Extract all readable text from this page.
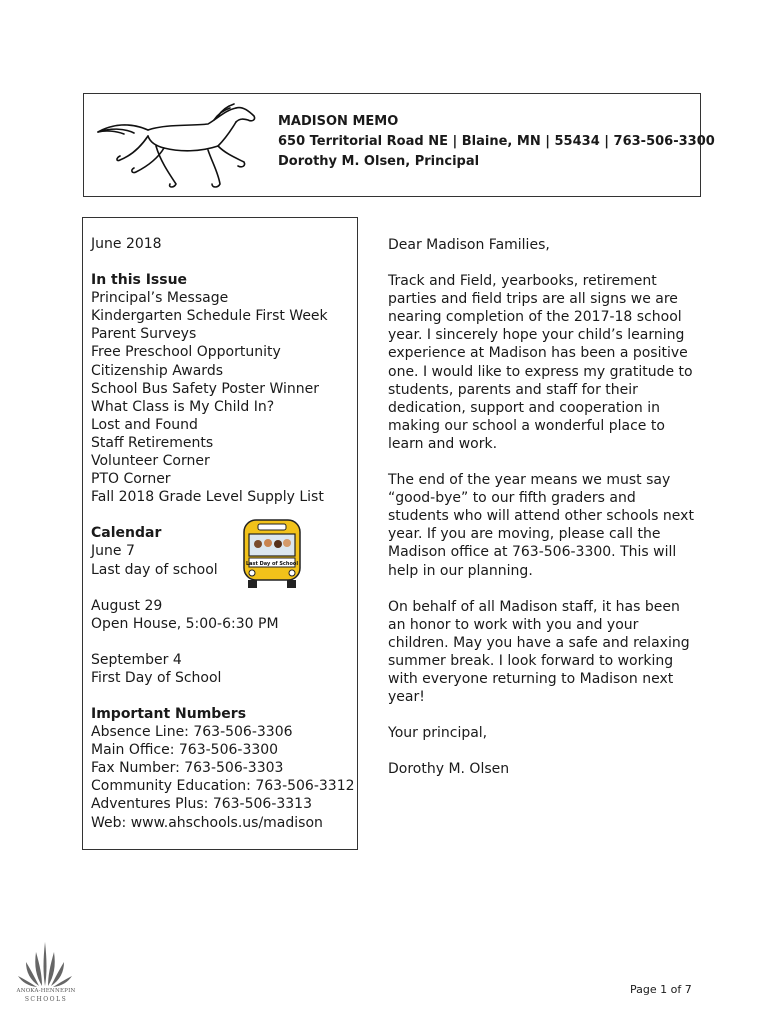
MADISON MEMO
650 Territorial Road NE | Blaine, MN | 55434 | 763-506-3300
Dorothy M. Olsen, Principal
June 2018
In this Issue
Principal’s Message
Kindergarten Schedule First Week
Parent Surveys
Free Preschool Opportunity
Citizenship Awards
School Bus Safety Poster Winner
What Class is My Child In?
Lost and Found
Staff Retirements
Volunteer Corner
PTO Corner
Fall 2018 Grade Level Supply List
Calendar
June 7
Last day of school
August 29
Open House, 5:00-6:30 PM
September 4
First Day of School
Important Numbers
Absence Line: 763-506-3306
Main Office: 763-506-3300
Fax Number: 763-506-3303
Community Education: 763-506-3312
Adventures Plus: 763-506-3313
Web: www.ahschools.us/madison
Last Day of School

Dear Madison Families,

Track and Field, yearbooks, retirement parties and field trips are all signs we are nearing completion of the 2017-18 school year. I sincerely hope your child’s learning experience at Madison has been a positive one. I would like to express my gratitude to students, parents and staff for their dedication, support and cooperation in making our school a wonderful place to learn and work.

The end of the year means we must say “good-bye” to our fifth graders and students who will attend other schools next year. If you are moving, please call the Madison office at 763-506-3300. This will help in our planning.

On behalf of all Madison staff, it has been an honor to work with you and your children. May you have a safe and relaxing summer break. I look forward to working with everyone returning to Madison next year!

Your principal,

Dorothy M. Olsen

ANOKA-HENNEPIN
SCHOOLS
Page 1 of 7
